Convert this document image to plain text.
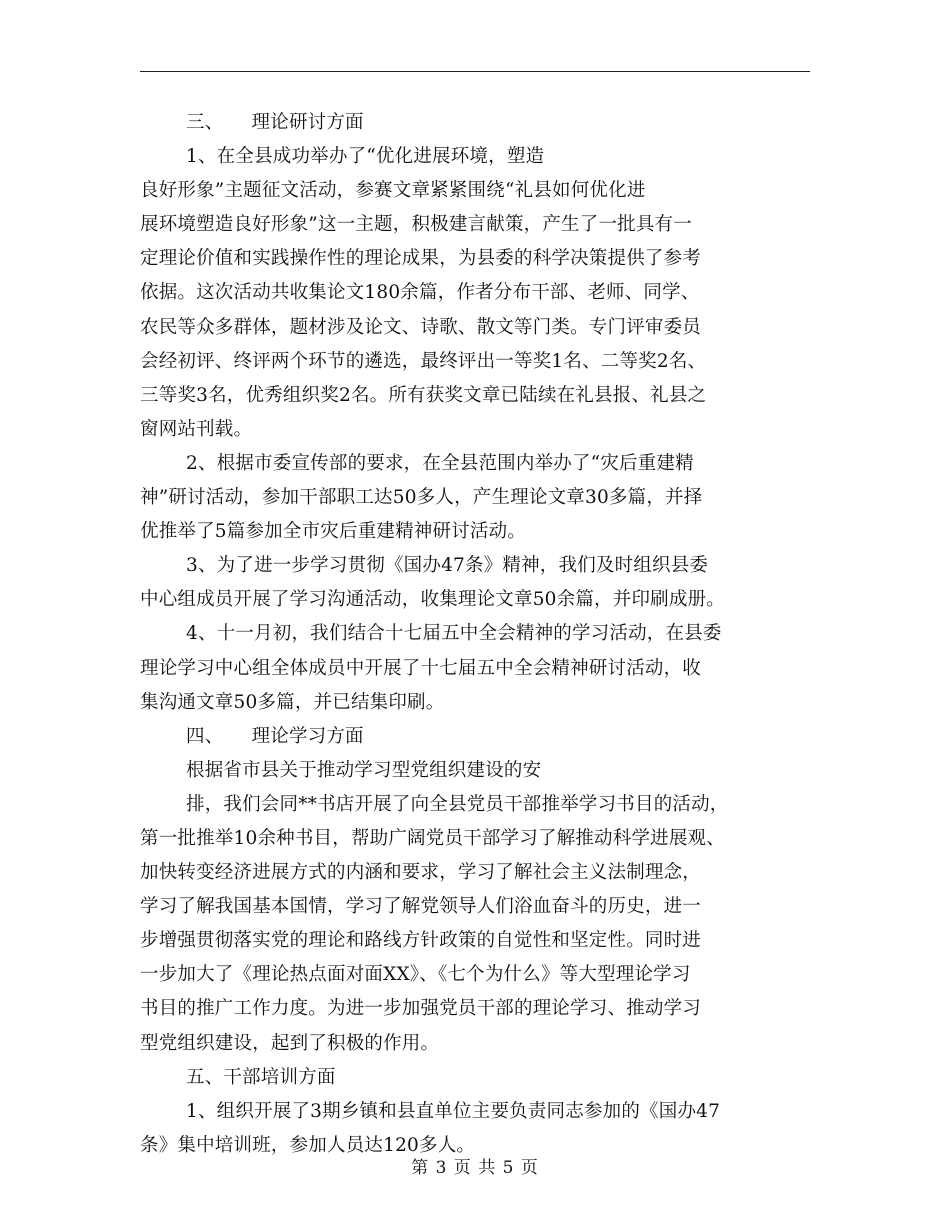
三、　　理论研讨方面
1、在全县成功举办了“优化进展环境，塑造
良好形象”主题征文活动，参赛文章紧紧围绕“礼县如何优化进
展环境塑造良好形象”这一主题，积极建言献策，产生了一批具有一
定理论价值和实践操作性的理论成果，为县委的科学决策提供了参考
依据。这次活动共收集论文180余篇，作者分布干部、老师、同学、
农民等众多群体，题材涉及论文、诗歌、散文等门类。专门评审委员
会经初评、终评两个环节的遴选，最终评出一等奖1名、二等奖2名、
三等奖3名，优秀组织奖2名。所有获奖文章已陆续在礼县报、礼县之
窗网站刊载。
2、根据市委宣传部的要求，在全县范围内举办了“灾后重建精
神”研讨活动，参加干部职工达50多人，产生理论文章30多篇，并择
优推举了5篇参加全市灾后重建精神研讨活动。
3、为了进一步学习贯彻《国办47条》精神，我们及时组织县委
中心组成员开展了学习沟通活动，收集理论文章50余篇，并印刷成册。
4、十一月初，我们结合十七届五中全会精神的学习活动，在县委
理论学习中心组全体成员中开展了十七届五中全会精神研讨活动，收
集沟通文章50多篇，并已结集印刷。
四、　　理论学习方面
根据省市县关于推动学习型党组织建设的安
排，我们会同**书店开展了向全县党员干部推举学习书目的活动，
第一批推举10余种书目，帮助广阔党员干部学习了解推动科学进展观、
加快转变经济进展方式的内涵和要求，学习了解社会主义法制理念，
学习了解我国基本国情，学习了解党领导人们浴血奋斗的历史，进一
步增强贯彻落实党的理论和路线方针政策的自觉性和坚定性。同时进
一步加大了《理论热点面对面XX》、《七个为什么》等大型理论学习
书目的推广工作力度。为进一步加强党员干部的理论学习、推动学习
型党组织建设，起到了积极的作用。
五、干部培训方面
1、组织开展了3期乡镇和县直单位主要负责同志参加的《国办47
条》集中培训班，参加人员达120多人。
第 3 页 共 5 页
